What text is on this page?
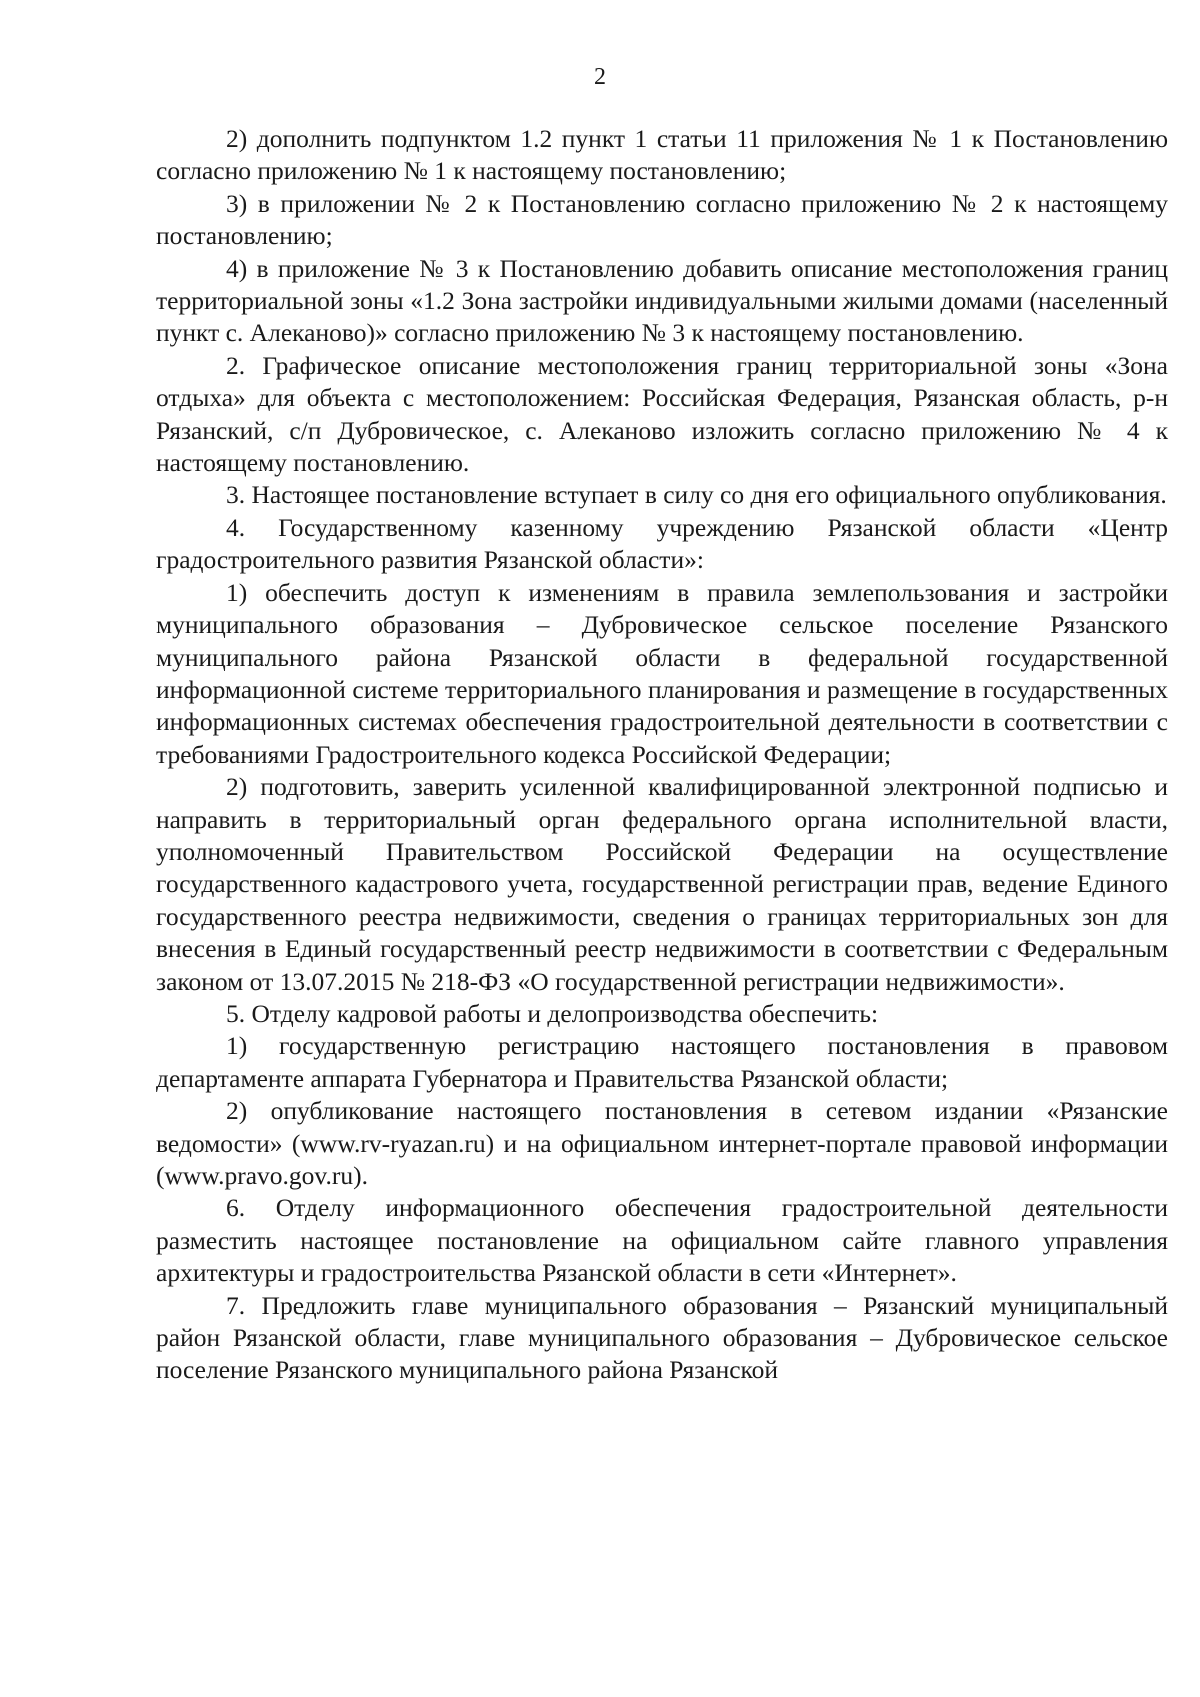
2

2) дополнить подпунктом 1.2 пункт 1 статьи 11 приложения № 1 к Постановлению согласно приложению № 1 к настоящему постановлению;

3) в приложении № 2 к Постановлению согласно приложению № 2 к настоящему постановлению;

4) в приложение № 3 к Постановлению добавить описание местоположения границ территориальной зоны «1.2 Зона застройки индивидуальными жилыми домами (населенный пункт с. Алеканово)» согласно приложению № 3 к настоящему постановлению.

2. Графическое описание местоположения границ территориальной зоны «Зона отдыха» для объекта с местоположением: Российская Федерация, Рязанская область, р-н Рязанский, с/п Дубровическое, с. Алеканово изложить согласно приложению № 4 к настоящему постановлению.

3. Настоящее постановление вступает в силу со дня его официального опубликования.

4. Государственному казенному учреждению Рязанской области «Центр градостроительного развития Рязанской области»:

1) обеспечить доступ к изменениям в правила землепользования и застройки муниципального образования – Дубровическое сельское поселение Рязанского муниципального района Рязанской области в федеральной государственной информационной системе территориального планирования и размещение в государственных информационных системах обеспечения градостроительной деятельности в соответствии с требованиями Градостроительного кодекса Российской Федерации;

2) подготовить, заверить усиленной квалифицированной электронной подписью и направить в территориальный орган федерального органа исполнительной власти, уполномоченный Правительством Российской Федерации на осуществление государственного кадастрового учета, государственной регистрации прав, ведение Единого государственного реестра недвижимости, сведения о границах территориальных зон для внесения в Единый государственный реестр недвижимости в соответствии с Федеральным законом от 13.07.2015 № 218-ФЗ «О государственной регистрации недвижимости».

5. Отделу кадровой работы и делопроизводства обеспечить:

1) государственную регистрацию настоящего постановления в правовом департаменте аппарата Губернатора и Правительства Рязанской области;

2) опубликование настоящего постановления в сетевом издании «Рязанские ведомости» (www.rv-ryazan.ru) и на официальном интернет-портале правовой информации (www.pravo.gov.ru).

6. Отделу информационного обеспечения градостроительной деятельности разместить настоящее постановление на официальном сайте главного управления архитектуры и градостроительства Рязанской области в сети «Интернет».

7. Предложить главе муниципального образования – Рязанский муниципальный район Рязанской области, главе муниципального образования – Дубровическое сельское поселение Рязанского муниципального района Рязанской
